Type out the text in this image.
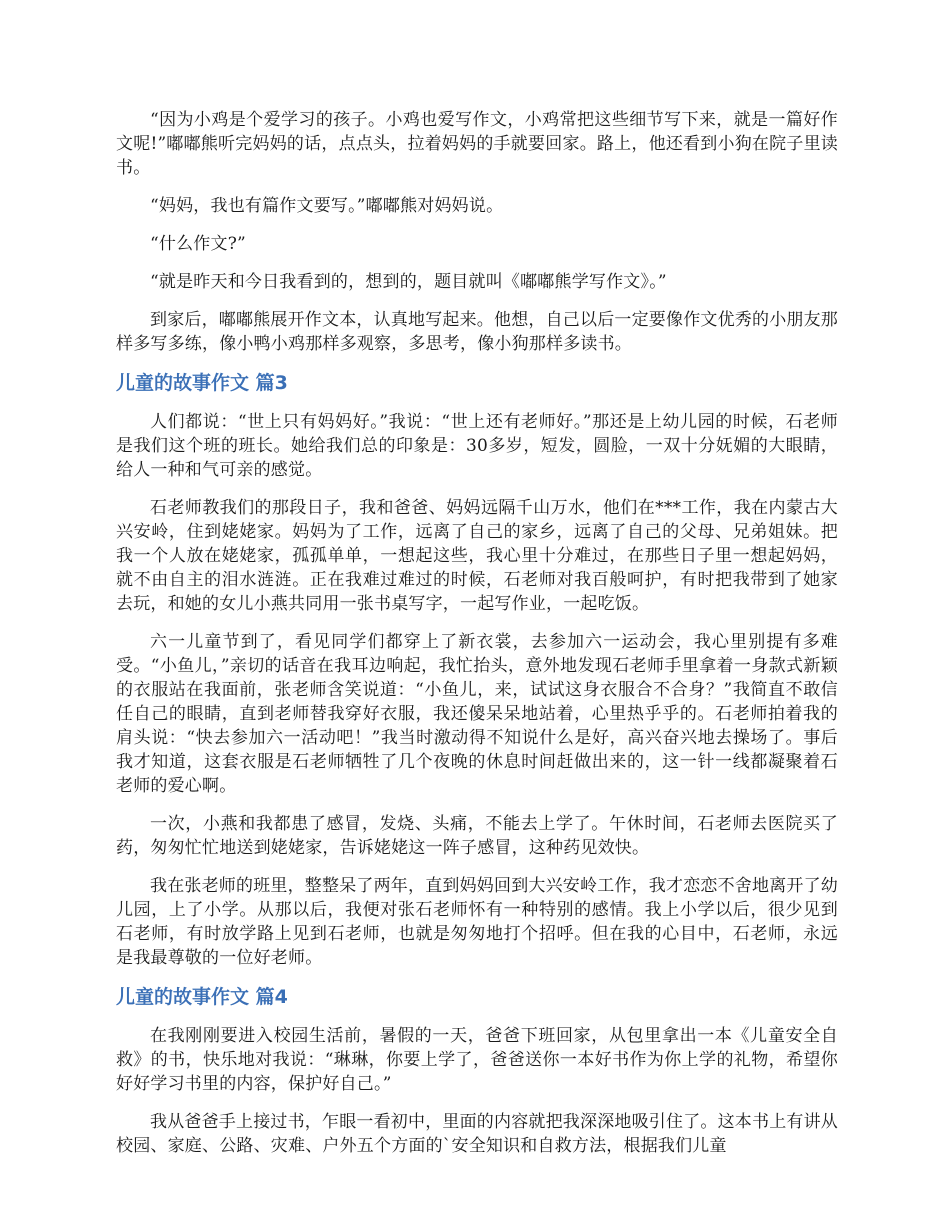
“因为小鸡是个爱学习的孩子。小鸡也爱写作文，小鸡常把这些细节写下来，就是一篇好作文呢!”嘟嘟熊听完妈妈的话，点点头，拉着妈妈的手就要回家。路上，他还看到小狗在院子里读书。

“妈妈，我也有篇作文要写。”嘟嘟熊对妈妈说。

“什么作文?”

“就是昨天和今日我看到的，想到的，题目就叫《嘟嘟熊学写作文》。”

到家后，嘟嘟熊展开作文本，认真地写起来。他想，自己以后一定要像作文优秀的小朋友那样多写多练，像小鸭小鸡那样多观察，多思考，像小狗那样多读书。

儿童的故事作文 篇3

人们都说：“世上只有妈妈好。”我说：“世上还有老师好。”那还是上幼儿园的时候，石老师是我们这个班的班长。她给我们总的印象是：30多岁，短发，圆脸，一双十分妩媚的大眼睛，给人一种和气可亲的感觉。

石老师教我们的那段日子，我和爸爸、妈妈远隔千山万水，他们在***工作，我在内蒙古大兴安岭，住到姥姥家。妈妈为了工作，远离了自己的家乡，远离了自己的父母、兄弟姐妹。把我一个人放在姥姥家，孤孤单单，一想起这些，我心里十分难过，在那些日子里一想起妈妈，就不由自主的泪水涟涟。正在我难过难过的时候，石老师对我百般呵护，有时把我带到了她家去玩，和她的女儿小燕共同用一张书桌写字，一起写作业，一起吃饭。

六一儿童节到了，看见同学们都穿上了新衣裳，去参加六一运动会，我心里别提有多难受。“小鱼儿，”亲切的话音在我耳边响起，我忙抬头，意外地发现石老师手里拿着一身款式新颖的衣服站在我面前，张老师含笑说道：“小鱼儿，来，试试这身衣服合不合身？”我简直不敢信任自己的眼睛，直到老师替我穿好衣服，我还傻呆呆地站着，心里热乎乎的。石老师拍着我的肩头说：“快去参加六一活动吧！”我当时激动得不知说什么是好，高兴奋兴地去操场了。事后我才知道，这套衣服是石老师牺牲了几个夜晚的休息时间赶做出来的，这一针一线都凝聚着石老师的爱心啊。

一次，小燕和我都患了感冒，发烧、头痛，不能去上学了。午休时间，石老师去医院买了药，匆匆忙忙地送到姥姥家，告诉姥姥这一阵子感冒，这种药见效快。

我在张老师的班里，整整呆了两年，直到妈妈回到大兴安岭工作，我才恋恋不舍地离开了幼儿园，上了小学。从那以后，我便对张石老师怀有一种特别的感情。我上小学以后，很少见到石老师，有时放学路上见到石老师，也就是匆匆地打个招呼。但在我的心目中，石老师，永远是我最尊敬的一位好老师。

儿童的故事作文 篇4

在我刚刚要进入校园生活前，暑假的一天，爸爸下班回家，从包里拿出一本《儿童安全自救》的书，快乐地对我说：“琳琳，你要上学了，爸爸送你一本好书作为你上学的礼物，希望你好好学习书里的内容，保护好自己。”

我从爸爸手上接过书，乍眼一看初中，里面的内容就把我深深地吸引住了。这本书上有讲从校园、家庭、公路、灾难、户外五个方面的`安全知识和自救方法，根据我们儿童
